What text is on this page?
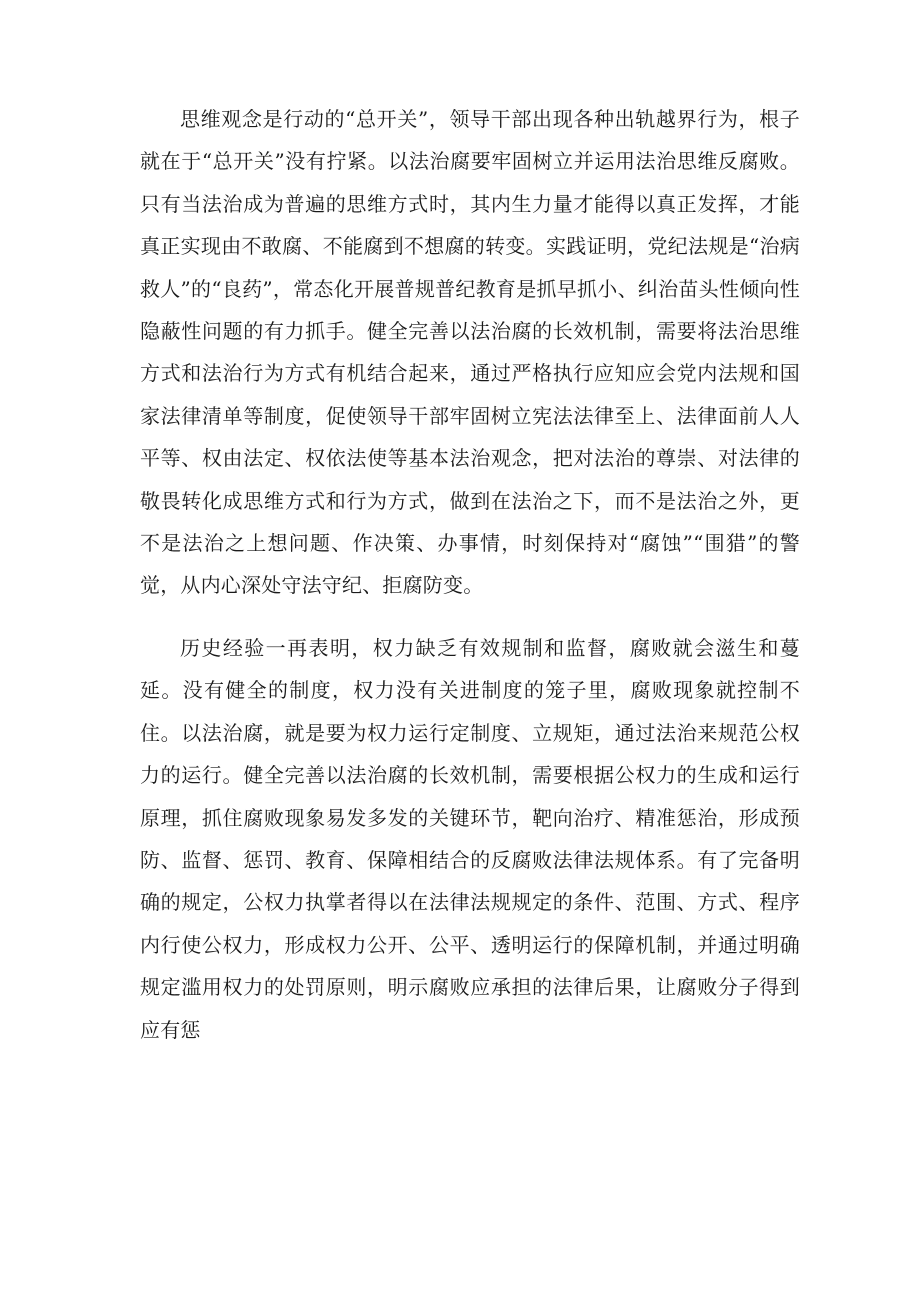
思维观念是行动的“总开关”，领导干部出现各种出轨越界行为，根子就在于“总开关”没有拧紧。以法治腐要牢固树立并运用法治思维反腐败。只有当法治成为普遍的思维方式时，其内生力量才能得以真正发挥，才能真正实现由不敢腐、不能腐到不想腐的转变。实践证明，党纪法规是“治病救人”的“良药”，常态化开展普规普纪教育是抓早抓小、纠治苗头性倾向性隐蔽性问题的有力抓手。健全完善以法治腐的长效机制，需要将法治思维方式和法治行为方式有机结合起来，通过严格执行应知应会党内法规和国家法律清单等制度，促使领导干部牢固树立宪法法律至上、法律面前人人平等、权由法定、权依法使等基本法治观念，把对法治的尊崇、对法律的敬畏转化成思维方式和行为方式，做到在法治之下，而不是法治之外，更不是法治之上想问题、作决策、办事情，时刻保持对“腐蚀”“围猎”的警觉，从内心深处守法守纪、拒腐防变。

历史经验一再表明，权力缺乏有效规制和监督，腐败就会滋生和蔓延。没有健全的制度，权力没有关进制度的笼子里，腐败现象就控制不住。以法治腐，就是要为权力运行定制度、立规矩，通过法治来规范公权力的运行。健全完善以法治腐的长效机制，需要根据公权力的生成和运行原理，抓住腐败现象易发多发的关键环节，靶向治疗、精准惩治，形成预防、监督、惩罚、教育、保障相结合的反腐败法律法规体系。有了完备明确的规定，公权力执掌者得以在法律法规规定的条件、范围、方式、程序内行使公权力，形成权力公开、公平、透明运行的保障机制，并通过明确规定滥用权力的处罚原则，明示腐败应承担的法律后果，让腐败分子得到应有惩
